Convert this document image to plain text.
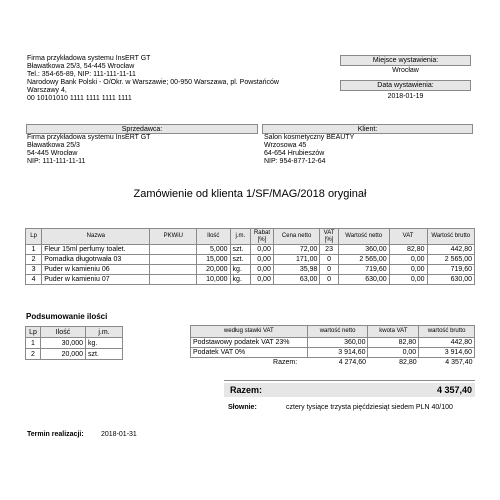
Firma przykładowa systemu InsERT GT
Bławatkowa 25/3, 54-445 Wrocław
Tel.: 354-65-89, NIP: 111-111-11-11
Narodowy Bank Polski - O/Okr. w Warszawie; 00-950 Warszawa, pl. Powstańców Warszawy 4,
00 10101010 1111 1111 1111 1111
Miejsce wystawienia:
Wrocław
Data wystawienia:
2018-01-19
Sprzedawca:
Firma przykładowa systemu InsERT GT
Bławatkowa 25/3
54-445 Wrocław
NIP: 111-111-11-11
Klient:
Salon kosmetyczny BEAUTY
Wrzosowa 45
64-654 Hrubieszów
NIP: 954-877-12-64
Zamówienie od klienta 1/SF/MAG/2018 oryginał
Lp	Nazwa	PKWiU	Ilość	j.m.	Rabat [%]	Cena netto	VAT [%]	Wartość netto	VAT	Wartość brutto
1	Fleur 15ml perfumy toalet.		5,000	szt.	0,00	72,00	23	360,00	82,80	442,80
2	Pomadka długotrwała 03		15,000	szt.	0,00	171,00	0	2 565,00	0,00	2 565,00
3	Puder w kamieniu 06		20,000	kg.	0,00	35,98	0	719,60	0,00	719,60
4	Puder w kamieniu 07		10,000	kg.	0,00	63,00	0	630,00	0,00	630,00
Podsumowanie ilości
Lp	Ilość	j.m.
1	30,000	kg.
2	20,000	szt.
według stawki VAT	wartość netto	kwota VAT	wartość brutto
Podstawowy podatek VAT 23%	360,00	82,80	442,80
Podatek VAT 0%	3 914,60	0,00	3 914,60
Razem:	4 274,60	82,80	4 357,40
Razem:	4 357,40
Słownie:	cztery tysiące trzysta pięćdziesiąt siedem PLN 40/100
Termin realizacji: 2018-01-31
